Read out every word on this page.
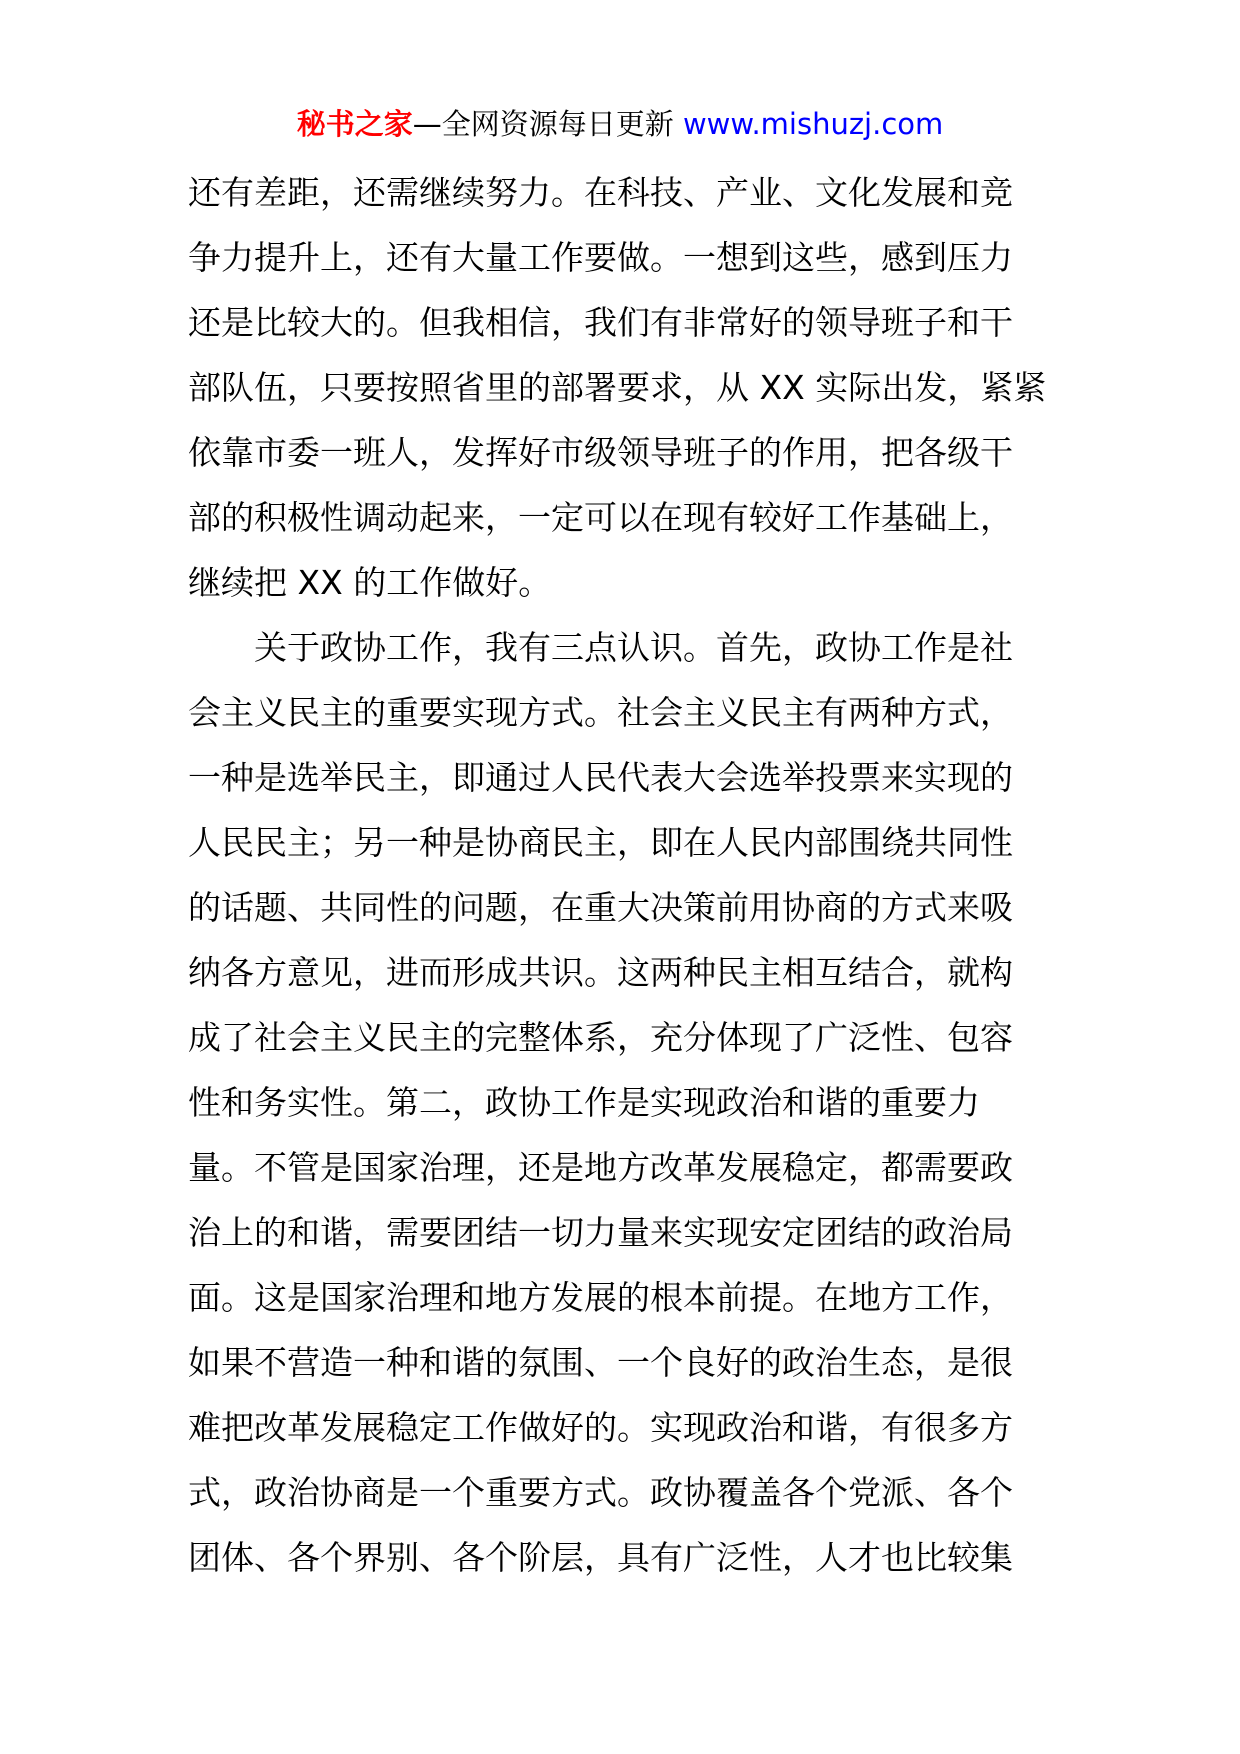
秘书之家—全网资源每日更新 www.mishuzj.com
还有差距，还需继续努力。在科技、产业、文化发展和竞
争力提升上，还有大量工作要做。一想到这些，感到压力
还是比较大的。但我相信，我们有非常好的领导班子和干
部队伍，只要按照省里的部署要求，从 XX 实际出发，紧紧
依靠市委一班人，发挥好市级领导班子的作用，把各级干
部的积极性调动起来，一定可以在现有较好工作基础上，
继续把 XX 的工作做好。
关于政协工作，我有三点认识。首先，政协工作是社
会主义民主的重要实现方式。社会主义民主有两种方式，
一种是选举民主，即通过人民代表大会选举投票来实现的
人民民主；另一种是协商民主，即在人民内部围绕共同性
的话题、共同性的问题，在重大决策前用协商的方式来吸
纳各方意见，进而形成共识。这两种民主相互结合，就构
成了社会主义民主的完整体系，充分体现了广泛性、包容
性和务实性。第二，政协工作是实现政治和谐的重要力
量。不管是国家治理，还是地方改革发展稳定，都需要政
治上的和谐，需要团结一切力量来实现安定团结的政治局
面。这是国家治理和地方发展的根本前提。在地方工作，
如果不营造一种和谐的氛围、一个良好的政治生态，是很
难把改革发展稳定工作做好的。实现政治和谐，有很多方
式，政治协商是一个重要方式。政协覆盖各个党派、各个
团体、各个界别、各个阶层，具有广泛性，人才也比较集
